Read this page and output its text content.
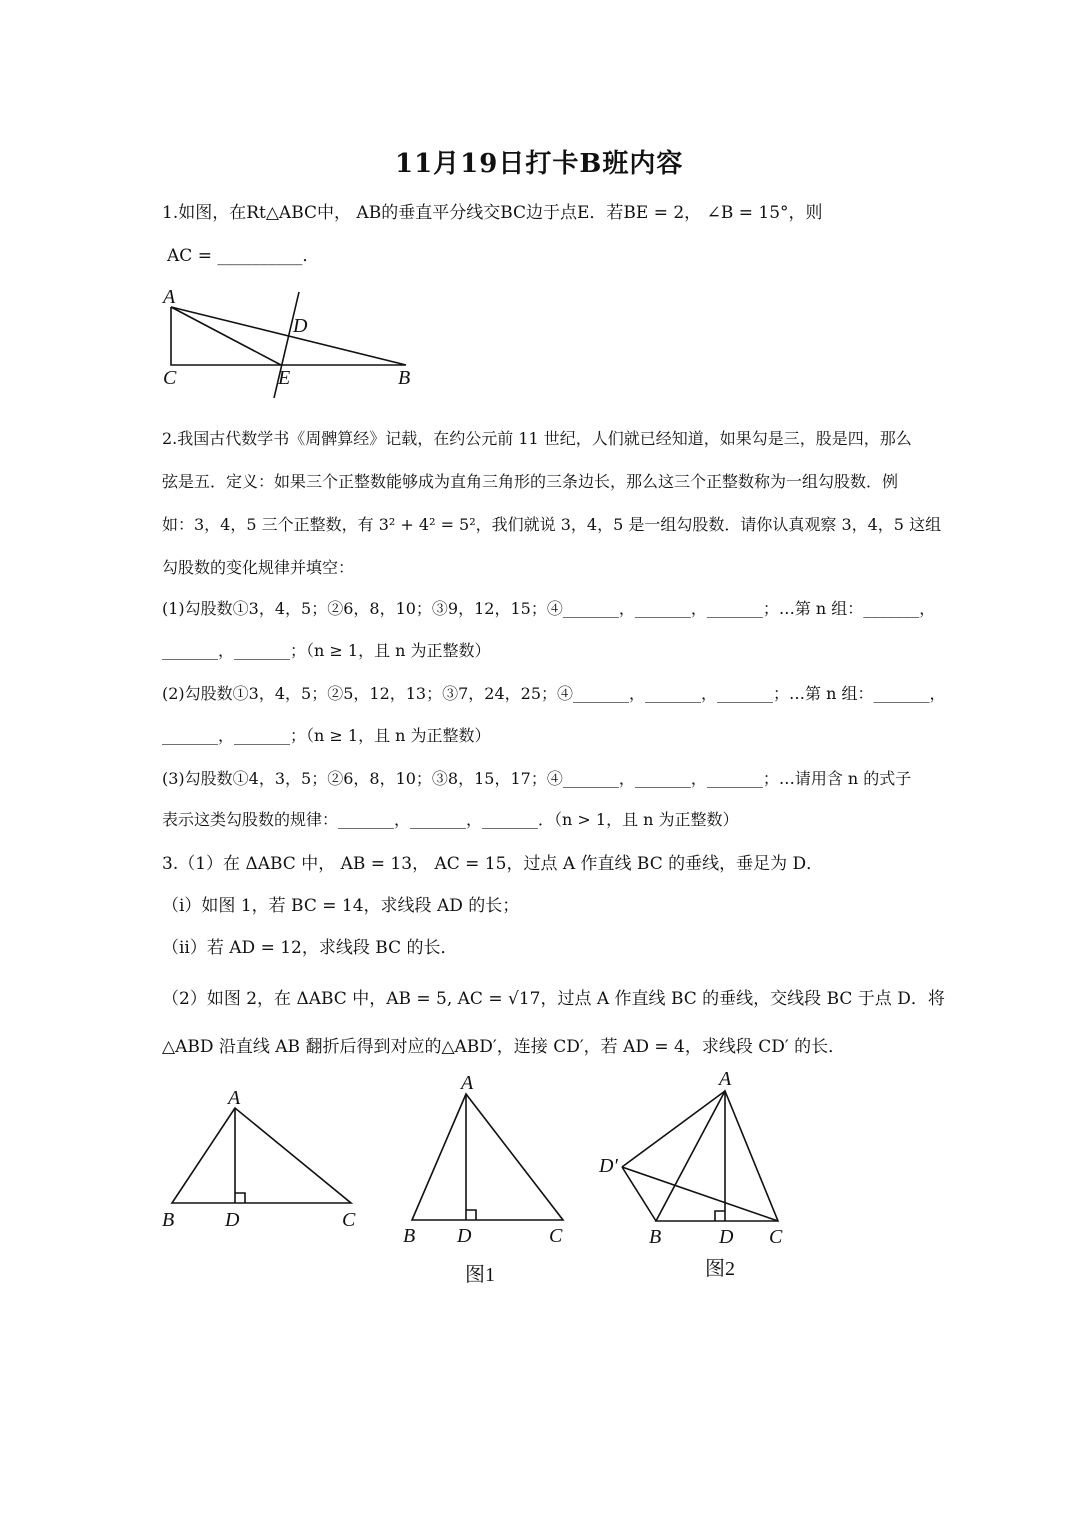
11月19日打卡B班内容
1.如图，在Rt△ABC中， AB的垂直平分线交BC边于点E．若BE = 2， ∠B = 15°，则
AC = __________．
A
D
C	E	B
2.我国古代数学书《周髀算经》记载，在约公元前 11 世纪，人们就已经知道，如果勾是三，股是四，那么
弦是五．定义：如果三个正整数能够成为直角三角形的三条边长，那么这三个正整数称为一组勾股数．例
如：3，4，5 三个正整数，有 3² + 4² = 5²，我们就说 3，4，5 是一组勾股数．请你认真观察 3，4，5 这组
勾股数的变化规律并填空：
(1)勾股数①3，4，5；②6，8，10；③9，12，15；④_______，_______，_______；…第 n 组：_______，
_______，_______；（n ≥ 1，且 n 为正整数）
(2)勾股数①3，4，5；②5，12，13；③7，24，25；④_______，_______，_______；…第 n 组：_______，
_______，_______；（n ≥ 1，且 n 为正整数）
(3)勾股数①4，3，5；②6，8，10；③8，15，17；④_______，_______，_______；…请用含 n 的式子
表示这类勾股数的规律：_______，_______，_______．（n > 1，且 n 为正整数）
3.（1）在 ΔABC 中， AB = 13， AC = 15，过点 A 作直线 BC 的垂线，垂足为 D．
（i）如图 1，若 BC = 14，求线段 AD 的长；
（ii）若 AD = 12，求线段 BC 的长．
（2）如图 2，在 ΔABC 中，AB = 5, AC = √17，过点 A 作直线 BC 的垂线，交线段 BC 于点 D．将
△ABD 沿直线 AB 翻折后得到对应的△ABD′，连接 CD′，若 AD = 4，求线段 CD′ 的长．
A
B	D	C
A
B D	C
图1
A
D′
B	D C
图2
